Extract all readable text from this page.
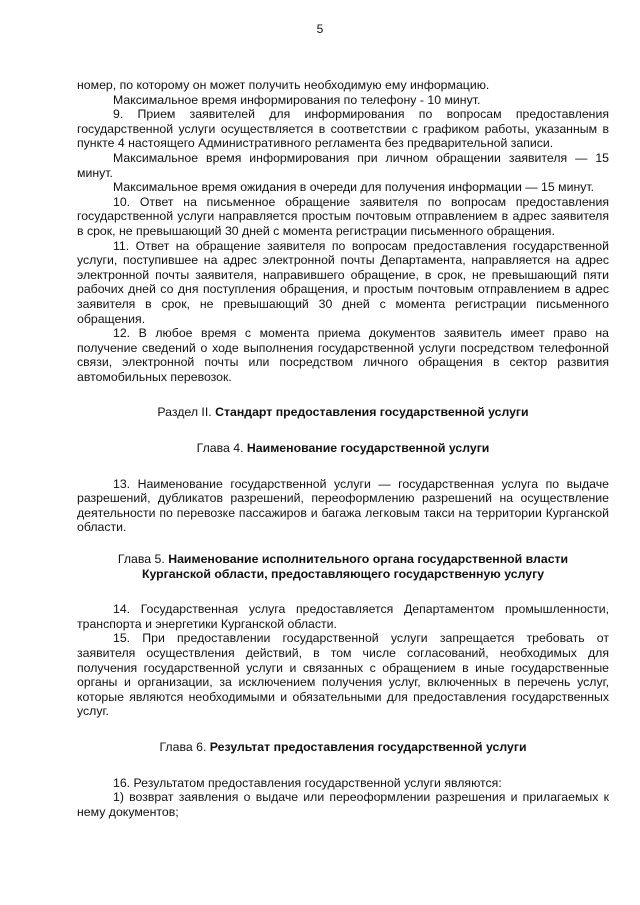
5

номер, по которому он может получить необходимую ему информацию.

Максимальное время информирования по телефону - 10 минут.

9. Прием заявителей для информирования по вопросам предоставления государственной услуги осуществляется в соответствии с графиком работы, указанным в пункте 4 настоящего Административного регламента без предварительной записи.

Максимальное время информирования при личном обращении заявителя — 15 минут.

Максимальное время ожидания в очереди для получения информации — 15 минут.

10. Ответ на письменное обращение заявителя по вопросам предоставления государственной услуги направляется простым почтовым отправлением в адрес заявителя в срок, не превышающий 30 дней с момента регистрации письменного обращения.

11. Ответ на обращение заявителя по вопросам предоставления государственной услуги, поступившее на адрес электронной почты Департамента, направляется на адрес электронной почты заявителя, направившего обращение, в срок, не превышающий пяти рабочих дней со дня поступления обращения, и простым почтовым отправлением в адрес заявителя в срок, не превышающий 30 дней с момента регистрации письменного обращения.

12. В любое время с момента приема документов заявитель имеет право на получение сведений о ходе выполнения государственной услуги посредством телефонной связи, электронной почты или посредством личного обращения в сектор развития автомобильных перевозок.

Раздел II. Стандарт предоставления государственной услуги

Глава 4. Наименование государственной услуги

13. Наименование государственной услуги — государственная услуга по выдаче разрешений, дубликатов разрешений, переоформлению разрешений на осуществление деятельности по перевозке пассажиров и багажа легковым такси на территории Курганской области.

Глава 5. Наименование исполнительного органа государственной власти

Курганской области, предоставляющего государственную услугу

14. Государственная услуга предоставляется Департаментом промышленности, транспорта и энергетики Курганской области.

15. При предоставлении государственной услуги запрещается требовать от заявителя осуществления действий, в том числе согласований, необходимых для получения государственной услуги и связанных с обращением в иные государственные органы и организации, за исключением получения услуг, включенных в перечень услуг, которые являются необходимыми и обязательными для предоставления государственных услуг.

Глава 6. Результат предоставления государственной услуги

16. Результатом предоставления государственной услуги являются:

1) возврат заявления о выдаче или переоформлении разрешения и прилагаемых к нему документов;
